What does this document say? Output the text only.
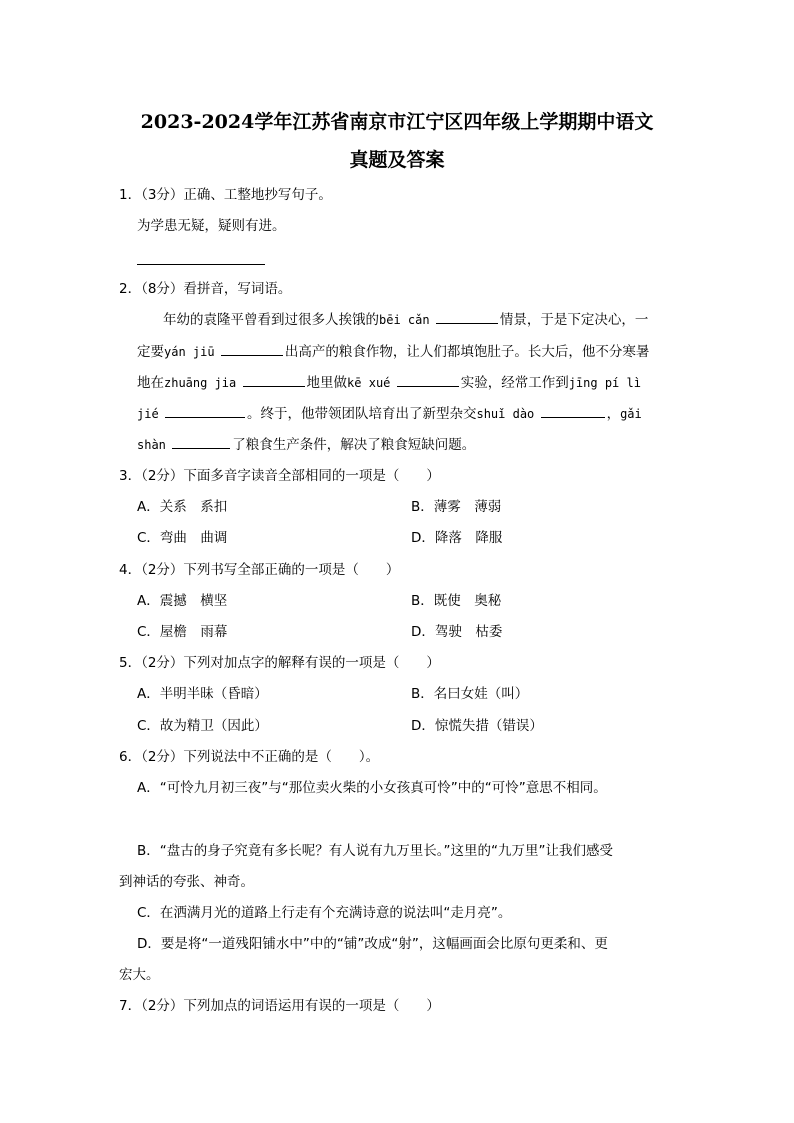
2023-2024学年江苏省南京市江宁区四年级上学期期中语文
真题及答案
1．（3分）正确、工整地抄写句子。
为学患无疑，疑则有进。
2．（8分）看拼音，写词语。
年幼的袁隆平曾看到过很多人挨饿的bēi cǎn	情景，于是下定决心，一
定要yán jiū	出高产的粮食作物，让人们都填饱肚子。长大后，他不分寒暑
地在zhuāng jia	地里做kē xué	实验，经常工作到jīng pí lì
jié	。终于，他带领团队培育出了新型杂交shuǐ dào	，gǎi
shàn	了粮食生产条件，解决了粮食短缺问题。
3．（2分）下面多音字读音全部相同的一项是（　　）
A．关系　系扣	B．薄雾　薄弱
C．弯曲　曲调	D．降落　降服
4．（2分）下列书写全部正确的一项是（　　）
A．震撼　横坚	B．既使　奥秘
C．屋檐　雨幕	D．驾驶　枯委
5．（2分）下列对加点字的解释有误的一项是（　　）
A．半明半昧（昏暗）	B．名曰女娃（叫）
C．故为精卫（因此）	D．惊慌失措（错误）
6．（2分）下列说法中不正确的是（　　）。
A．“可怜九月初三夜”与“那位卖火柴的小女孩真可怜”中的“可怜”意思不相同。
B．“盘古的身子究竟有多长呢？有人说有九万里长。”这里的“九万里”让我们感受
到神话的夸张、神奇。
C．在洒满月光的道路上行走有个充满诗意的说法叫“走月亮”。
D．要是将“一道残阳铺水中”中的“铺”改成“射”，这幅画面会比原句更柔和、更
宏大。
7．（2分）下列加点的词语运用有误的一项是（　　）
